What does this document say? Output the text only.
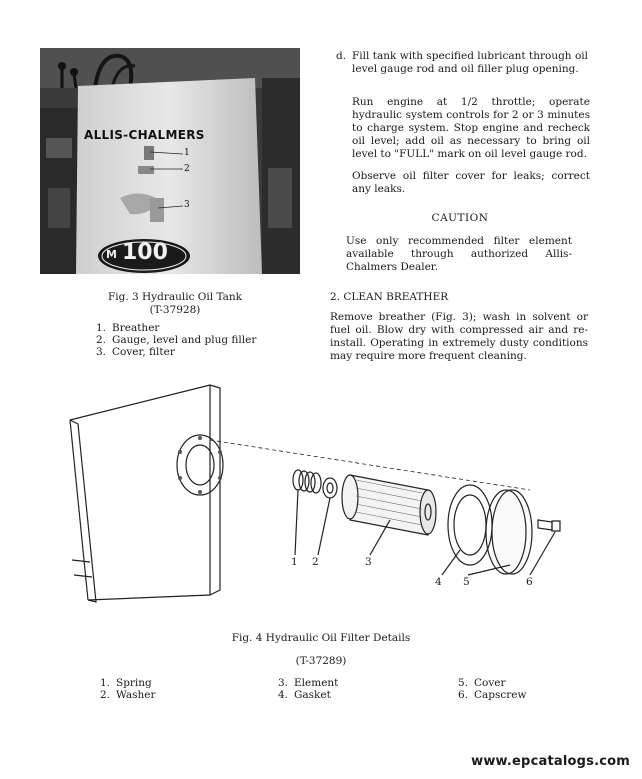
ALLIS-CHALMERS
M 100
1
2
3
Fig. 3 Hydraulic Oil Tank
(T-37928)
1. Breather
2. Gauge, level and plug filler
3. Cover, filter
d. Fill tank with specified lubricant through oil level gauge rod and oil filler plug opening.

Run engine at 1/2 throttle; operate hydraulic system controls for 2 or 3 minutes to charge system. Stop engine and recheck oil level; add oil as necessary to bring oil level to "FULL" mark on oil level gauge rod.

Observe oil filter cover for leaks; correct any leaks.

CAUTION

Use only recommended filter element available through authorized Allis-Chalmers Dealer.

2. CLEAN BREATHER

Remove breather (Fig. 3); wash in solvent or fuel oil. Blow dry with compressed air and re-install. Operating in extremely dusty conditions may require more frequent cleaning.

1 2	3
4 5	6
Fig. 4 Hydraulic Oil Filter Details
(T-37289)
1. Spring
2. Washer
3. Element
4. Gasket
5. Cover
6. Capscrew
www.epcatalogs.com
